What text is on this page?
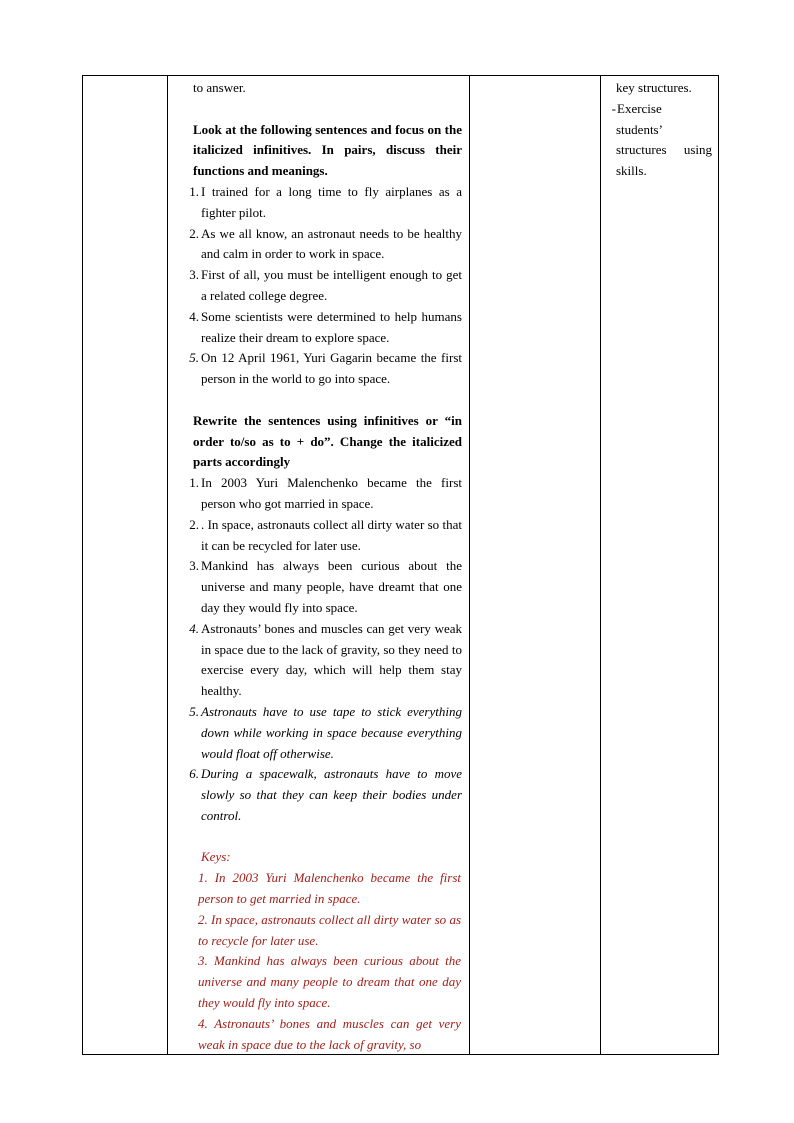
to answer.

Look at the following sentences and focus on the italicized infinitives. In pairs, discuss their functions and meanings.

1. I trained for a long time to fly airplanes as a fighter pilot.
2. As we all know, an astronaut needs to be healthy and calm in order to work in space.
3. First of all, you must be intelligent enough to get a related college degree.
4. Some scientists were determined to help humans realize their dream to explore space.
5. On 12 April 1961, Yuri Gagarin became the first person in the world to go into space.

Rewrite the sentences using infinitives or “in order to/so as to + do”. Change the italicized parts accordingly

1. In 2003 Yuri Malenchenko became the first person who got married in space.
2. . In space, astronauts collect all dirty water so that it can be recycled for later use.
3. Mankind has always been curious about the universe and many people, have dreamt that one day they would fly into space.
4. Astronauts’ bones and muscles can get very weak in space due to the lack of gravity, so they need to exercise every day, which will help them stay healthy.
5. Astronauts have to use tape to stick everything down while working in space because everything would float off otherwise.
6. During a spacewalk, astronauts have to move slowly so that they can keep their bodies under control.
Keys:
1. In 2003 Yuri Malenchenko became the first person to get married in space.
2. In space, astronauts collect all dirty water so as to recycle for later use.
3. Mankind has always been curious about the universe and many people to dream that one day they would fly into space.
4. Astronauts’ bones and muscles can get very weak in space due to the lack of gravity, so

key structures.

- Exercise

students’

structures using

skills.
